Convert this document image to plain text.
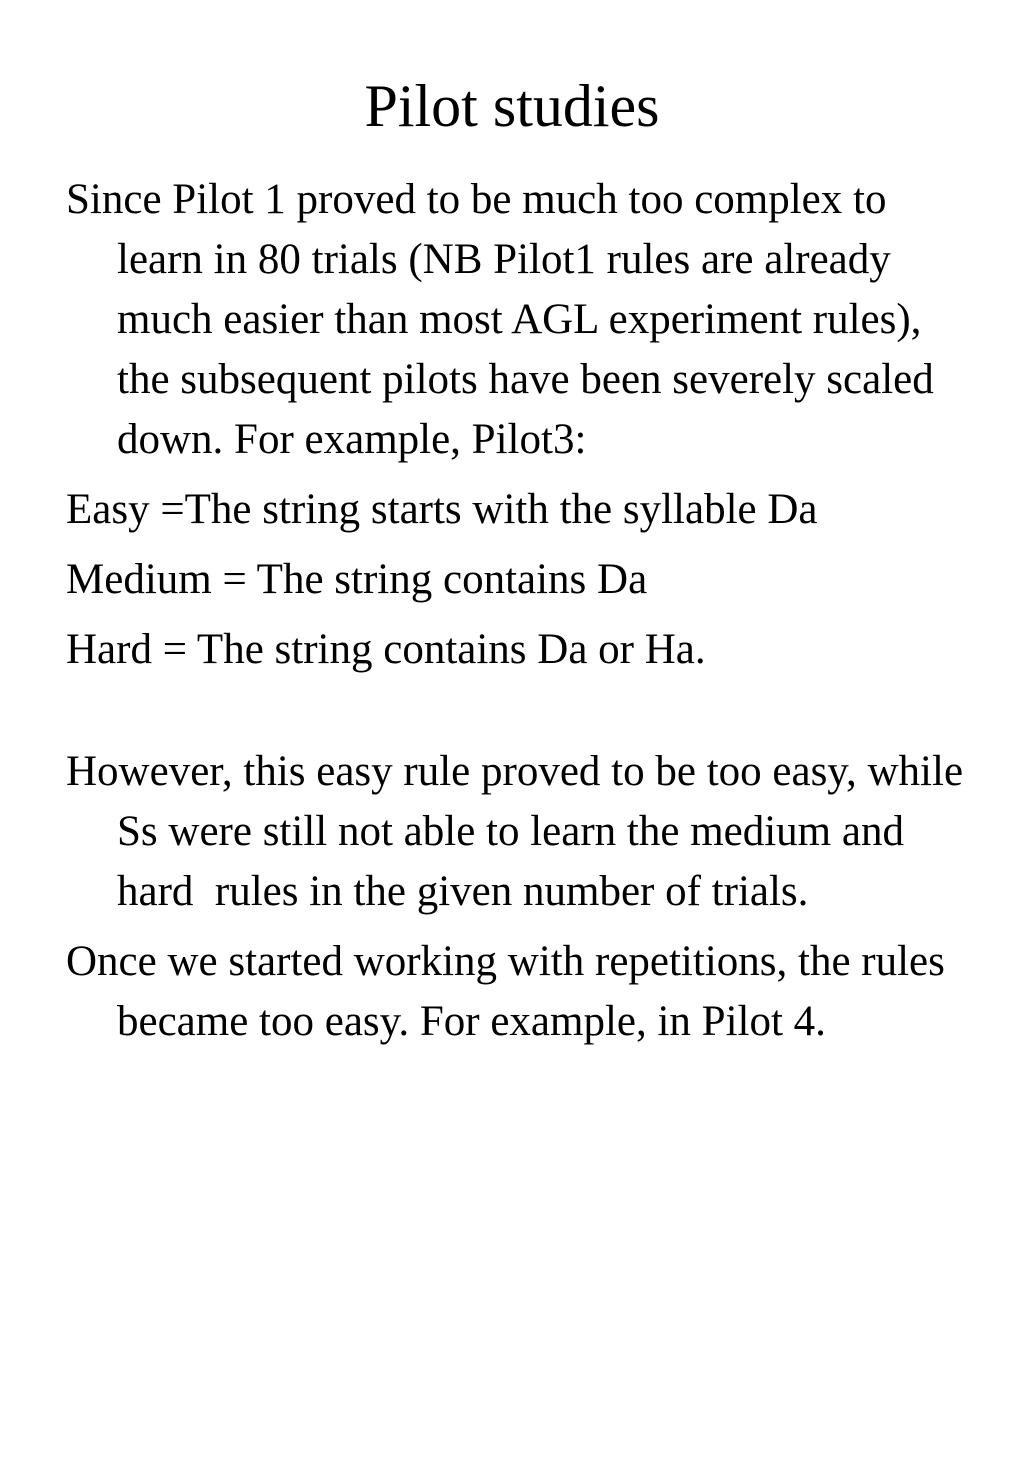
Pilot studies

Since Pilot 1 proved to be much too complex to learn in 80 trials (NB Pilot1 rules are already much easier than most AGL experiment rules), the subsequent pilots have been severely scaled down. For example, Pilot3:

Easy =The string starts with the syllable Da

Medium = The string contains Da

Hard = The string contains Da or Ha.

However, this easy rule proved to be too easy, while Ss were still not able to learn the medium and hard  rules in the given number of trials.

Once we started working with repetitions, the rules became too easy. For example, in Pilot 4.
